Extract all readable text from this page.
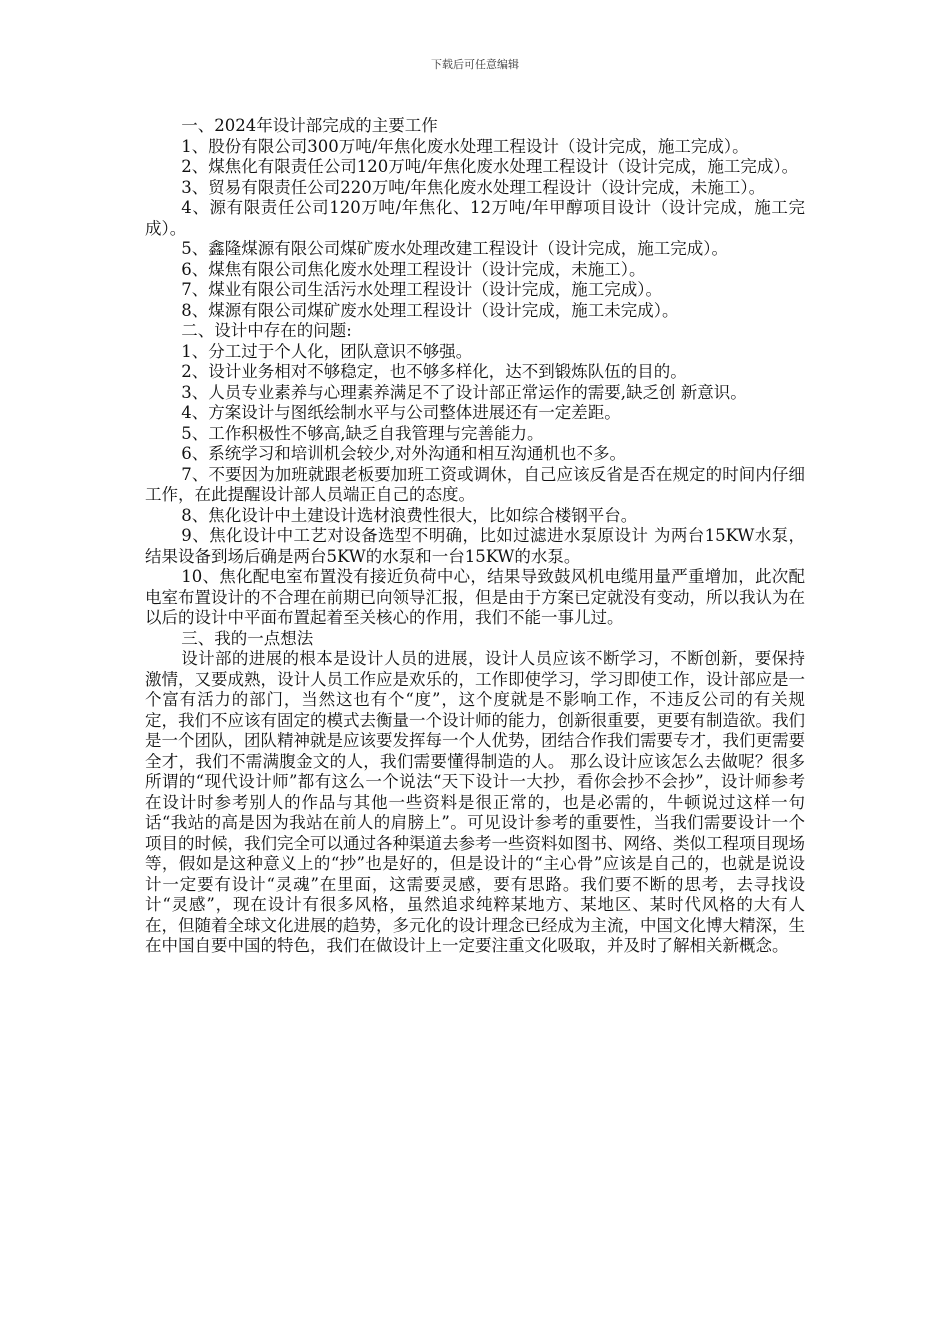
下载后可任意编辑

一、2024年设计部完成的主要工作

1、股份有限公司300万吨/年焦化废水处理工程设计（设计完成，施工完成）。

2、煤焦化有限责任公司120万吨/年焦化废水处理工程设计（设计完成，施工完成）。

3、贸易有限责任公司220万吨/年焦化废水处理工程设计（设计完成，未施工）。

4、源有限责任公司120万吨/年焦化、12万吨/年甲醇项目设计（设计完成，施工完成）。

5、鑫隆煤源有限公司煤矿废水处理改建工程设计（设计完成，施工完成）。

6、煤焦有限公司焦化废水处理工程设计（设计完成，未施工）。

7、煤业有限公司生活污水处理工程设计（设计完成，施工完成）。

8、煤源有限公司煤矿废水处理工程设计（设计完成，施工未完成）。

二、设计中存在的问题:

1、分工过于个人化，团队意识不够强。

2、设计业务相对不够稳定，也不够多样化，达不到锻炼队伍的目的。

3、人员专业素养与心理素养满足不了设计部正常运作的需要,缺乏创 新意识。

4、方案设计与图纸绘制水平与公司整体进展还有一定差距。

5、工作积极性不够高,缺乏自我管理与完善能力。

6、系统学习和培训机会较少,对外沟通和相互沟通机也不多。

7、不要因为加班就跟老板要加班工资或调休，自己应该反省是否在规定的时间内仔细工作，在此提醒设计部人员端正自己的态度。

8、焦化设计中土建设计选材浪费性很大，比如综合楼钢平台。

9、焦化设计中工艺对设备选型不明确，比如过滤进水泵原设计 为两台15KW水泵，结果设备到场后确是两台5KW的水泵和一台15KW的水泵。

10、焦化配电室布置没有接近负荷中心，结果导致鼓风机电缆用量严重增加，此次配电室布置设计的不合理在前期已向领导汇报，但是由于方案已定就没有变动，所以我认为在以后的设计中平面布置起着至关核心的作用，我们不能一事儿过。

三、我的一点想法

设计部的进展的根本是设计人员的进展，设计人员应该不断学习，不断创新，要保持激情，又要成熟，设计人员工作应是欢乐的，工作即使学习，学习即使工作，设计部应是一个富有活力的部门，当然这也有个“度”，这个度就是不影响工作，不违反公司的有关规定，我们不应该有固定的模式去衡量一个设计师的能力，创新很重要，更要有制造欲。我们是一个团队，团队精神就是应该要发挥每一个人优势，团结合作我们需要专才，我们更需要全才，我们不需满腹金文的人，我们需要懂得制造的人。 那么设计应该怎么去做呢？很多所谓的“现代设计师”都有这么一个说法“天下设计一大抄，看你会抄不会抄”，设计师参考在设计时参考别人的作品与其他一些资料是很正常的，也是必需的，牛顿说过这样一句话“我站的高是因为我站在前人的肩膀上”。可见设计参考的重要性，当我们需要设计一个项目的时候，我们完全可以通过各种渠道去参考一些资料如图书、网络、类似工程项目现场等，假如是这种意义上的“抄”也是好的，但是设计的“主心骨”应该是自己的，也就是说设计一定要有设计“灵魂”在里面，这需要灵感，要有思路。我们要不断的思考，去寻找设计“灵感”，现在设计有很多风格，虽然追求纯粹某地方、某地区、某时代风格的大有人在，但随着全球文化进展的趋势，多元化的设计理念已经成为主流，中国文化博大精深，生在中国自要中国的特色，我们在做设计上一定要注重文化吸取，并及时了解相关新概念。
